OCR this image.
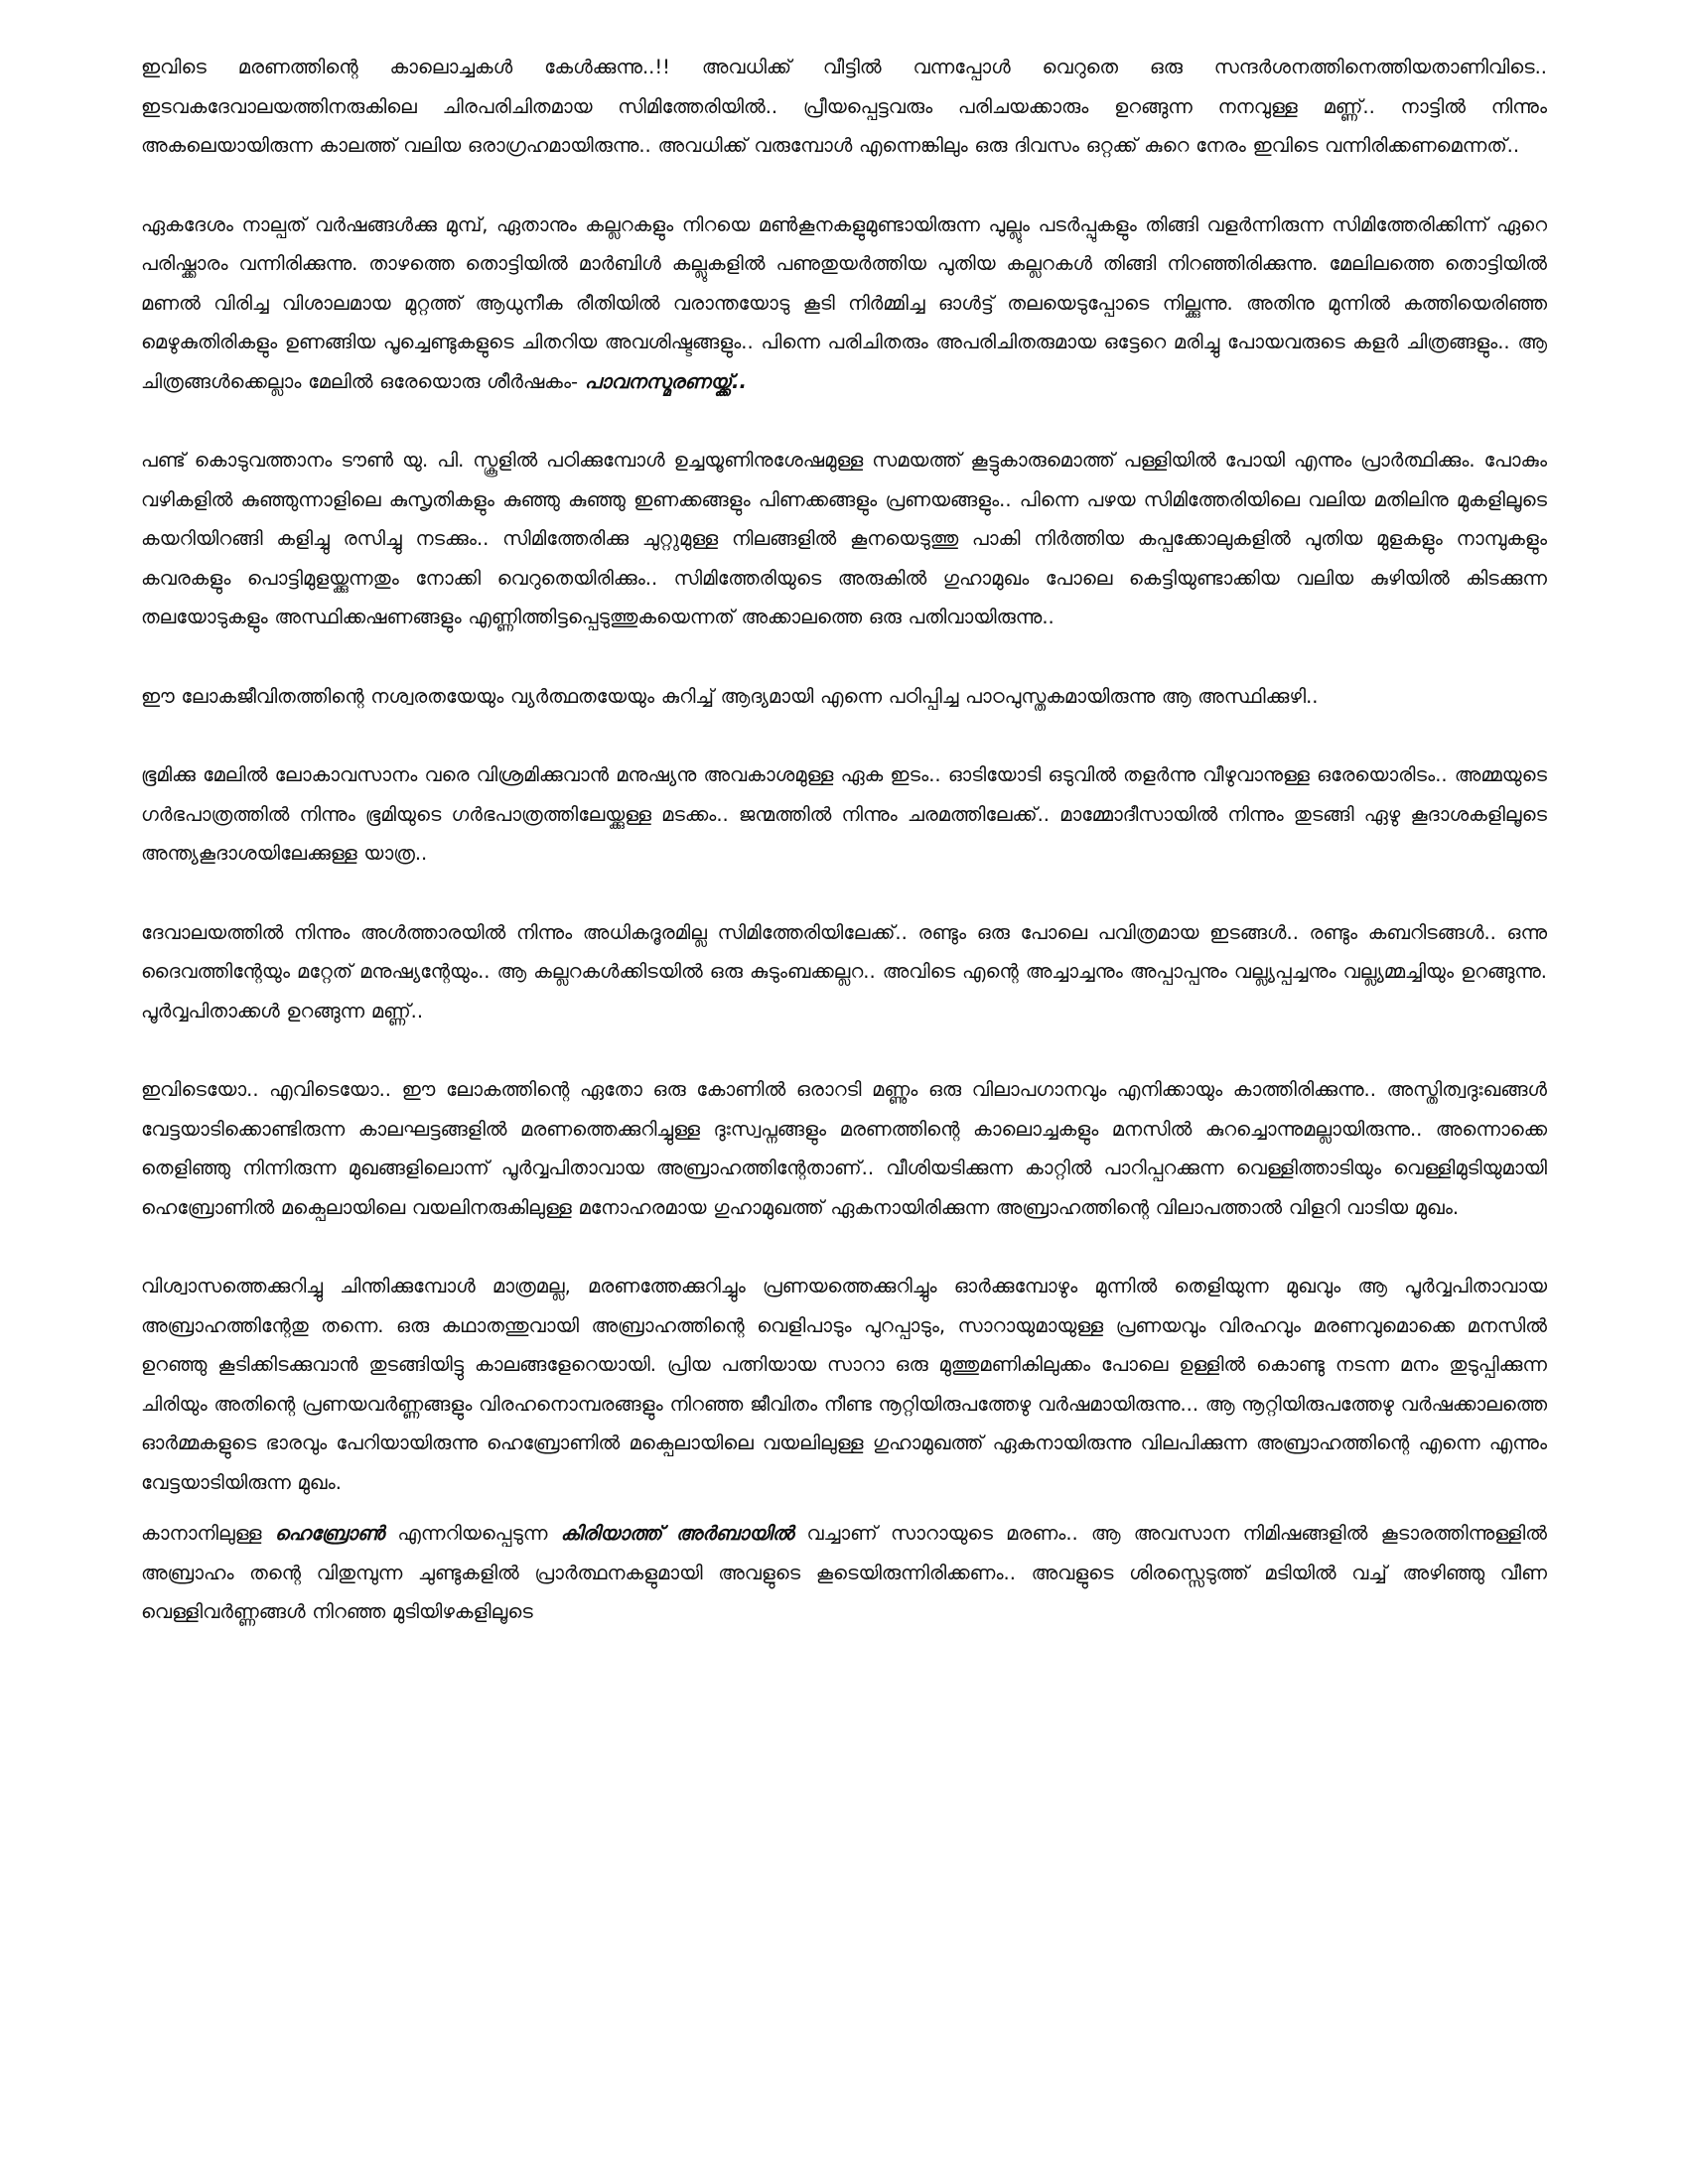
ഇവിടെ മരണത്തിന്റെ കാലൊച്ചകൾ കേൾക്കുന്നു..!! അവധിക്ക് വീട്ടിൽ വന്നപ്പോൾ വെറുതെ ഒരു സന്ദർശനത്തിനെത്തിയതാണിവിടെ.. ഇടവകദേവാലയത്തിനരുകിലെ ചിരപരിചിതമായ സിമിത്തേരിയിൽ.. പ്രീയപ്പെട്ടവരും പരിചയക്കാരും ഉറങ്ങുന്ന നനവുള്ള മണ്ണ്.. നാട്ടിൽ നിന്നും അകലെയായിരുന്ന കാലത്ത് വലിയ ഒരാഗ്രഹമായിരുന്നു.. അവധിക്ക് വരുമ്പോൾ എന്നെങ്കിലും ഒരു ദിവസം ഒറ്റക്ക് കുറെ നേരം ഇവിടെ വന്നിരിക്കണമെന്നത്..

ഏകദേശം നാല്പത് വർഷങ്ങൾക്കു മുമ്പ്, ഏതാനും കല്ലറകളും നിറയെ മൺകൂനകളുമുണ്ടായിരുന്ന പുല്ലും പടർപ്പുകളും തിങ്ങി വളർന്നിരുന്ന സിമിത്തേരിക്കിന്ന് ഏറെ പരിഷ്ക്കാരം വന്നിരിക്കുന്നു. താഴത്തെ തൊട്ടിയിൽ മാർബിൾ കല്ലുകളിൽ പണുതുയർത്തിയ പുതിയ കല്ലറകൾ തിങ്ങി നിറഞ്ഞിരിക്കുന്നു. മേലിലത്തെ തൊട്ടിയിൽ മണൽ വിരിച്ച വിശാലമായ മുറ്റത്ത് ആധുനീക രീതിയിൽ വരാന്തയോടു കൂടി നിർമ്മിച്ച ഓൾട്ട് തലയെടുപ്പോടെ നില്ക്കുന്നു. അതിനു മുന്നിൽ കത്തിയെരിഞ്ഞ മെഴുകുതിരികളും ഉണങ്ങിയ പൂച്ചെണ്ടുകളുടെ ചിതറിയ അവശിഷ്ടങ്ങളും.. പിന്നെ പരിചിതരും അപരിചിതരുമായ ഒട്ടേറെ മരിച്ചു പോയവരുടെ കളർ ചിത്രങ്ങളും.. ആ ചിത്രങ്ങൾക്കെല്ലാം മേലിൽ ഒരേയൊരു ശീർഷകം- പാവനസ്മരണയ്ക്ക്..

പണ്ട് കൊടുവത്താനം ടൗൺ യു. പി. സ്കൂളിൽ പഠിക്കുമ്പോൾ ഉച്ചയൂണിനുശേഷമുള്ള സമയത്ത് കൂട്ടുകാരുമൊത്ത് പള്ളിയിൽ പോയി എന്നും പ്രാർത്ഥിക്കും. പോകും വഴികളിൽ കുഞ്ഞുന്നാളിലെ കുസൃതികളും കുഞ്ഞു കുഞ്ഞു ഇണക്കങ്ങളും പിണക്കങ്ങളും പ്രണയങ്ങളും.. പിന്നെ പഴയ സിമിത്തേരിയിലെ വലിയ മതിലിനു മുകളിലൂടെ കയറിയിറങ്ങി കളിച്ചു രസിച്ചു നടക്കും.. സിമിത്തേരിക്കു ചുറ്റുമുള്ള നിലങ്ങളിൽ കൂനയെടുത്തു പാകി നിർത്തിയ കപ്പക്കോലുകളിൽ പുതിയ മുളകളും നാമ്പുകളും കവരകളും പൊട്ടിമുളയ്ക്കുന്നതും നോക്കി വെറുതെയിരിക്കും.. സിമിത്തേരിയുടെ അരുകിൽ ഗുഹാമുഖം പോലെ കെട്ടിയുണ്ടാക്കിയ വലിയ കുഴിയിൽ കിടക്കുന്ന തലയോടുകളും അസ്ഥിക്കഷണങ്ങളും എണ്ണിത്തിട്ടപ്പെടുത്തുകയെന്നത് അക്കാലത്തെ ഒരു പതിവായിരുന്നു..

ഈ ലോകജീവിതത്തിന്റെ നശ്വരതയേയും വ്യർത്ഥതയേയും കുറിച്ച് ആദ്യമായി എന്നെ പഠിപ്പിച്ച പാഠപുസ്തകമായിരുന്നു ആ അസ്ഥിക്കുഴി..

ഭൂമിക്കു മേലിൽ ലോകാവസാനം വരെ വിശ്രമിക്കുവാൻ മനുഷ്യനു അവകാശമുള്ള ഏക ഇടം.. ഓടിയോടി ഒടുവിൽ തളർന്നു വീഴുവാനുള്ള ഒരേയൊരിടം.. അമ്മയുടെ ഗർഭപാത്രത്തിൽ നിന്നും ഭൂമിയുടെ ഗർഭപാത്രത്തിലേയ്ക്കുള്ള മടക്കം.. ജന്മത്തിൽ നിന്നും ചരമത്തിലേക്ക്.. മാമ്മോദീസായിൽ നിന്നും തുടങ്ങി ഏഴു കൂദാശകളിലൂടെ അന്ത്യകൂദാശയിലേക്കുള്ള യാത്ര..

ദേവാലയത്തിൽ നിന്നും അൾത്താരയിൽ നിന്നും അധികദൂരമില്ല സിമിത്തേരിയിലേക്ക്.. രണ്ടും ഒരു പോലെ പവിത്രമായ ഇടങ്ങൾ.. രണ്ടും കബറിടങ്ങൾ.. ഒന്നു ദൈവത്തിന്റേയും മറ്റേത് മനുഷ്യന്റേയും.. ആ കല്ലറകൾക്കിടയിൽ ഒരു കുടുംബക്കല്ലറ.. അവിടെ എന്റെ അച്ചാച്ചനും അപ്പാപ്പനും വല്ല്യപ്പച്ചനും വല്ല്യമ്മച്ചിയും ഉറങ്ങുന്നു. പൂർവ്വപിതാക്കൾ ഉറങ്ങുന്ന മണ്ണ്..

ഇവിടെയോ.. എവിടെയോ.. ഈ ലോകത്തിന്റെ ഏതോ ഒരു കോണിൽ ഒരാറടി മണ്ണും ഒരു വിലാപഗാനവും എനിക്കായും കാത്തിരിക്കുന്നു.. അസ്തിത്വദുഃഖങ്ങൾ വേട്ടയാടിക്കൊണ്ടിരുന്ന കാലഘട്ടങ്ങളിൽ മരണത്തെക്കുറിച്ചുള്ള ദുഃസ്വപ്നങ്ങളും മരണത്തിന്റെ കാലൊച്ചകളും മനസിൽ കുറച്ചൊന്നുമല്ലായിരുന്നു.. അന്നൊക്കെ തെളിഞ്ഞു നിന്നിരുന്ന മുഖങ്ങളിലൊന്ന് പൂർവ്വപിതാവായ അബ്രാഹത്തിന്റേതാണ്.. വീശിയടിക്കുന്ന കാറ്റിൽ പാറിപ്പറക്കുന്ന വെള്ളിത്താടിയും വെള്ളിമുടിയുമായി ഹെബ്രോണിൽ മക്പെലായിലെ വയലിനരുകിലുള്ള മനോഹരമായ ഗുഹാമുഖത്ത് ഏകനായിരിക്കുന്ന അബ്രാഹത്തിന്റെ വിലാപത്താൽ വിളറി വാടിയ മുഖം.

വിശ്വാസത്തെക്കുറിച്ചു ചിന്തിക്കുമ്പോൾ മാത്രമല്ല, മരണത്തേക്കുറിച്ചും പ്രണയത്തെക്കുറിച്ചും ഓർക്കുമ്പോഴും മുന്നിൽ തെളിയുന്ന മുഖവും ആ പൂർവ്വപിതാവായ അബ്രാഹത്തിന്റേതു തന്നെ. ഒരു കഥാതന്തുവായി അബ്രാഹത്തിന്റെ വെളിപാടും പുറപ്പാടും, സാറായുമായുള്ള പ്രണയവും വിരഹവും മരണവുമൊക്കെ മനസിൽ ഉറഞ്ഞു കൂടിക്കിടക്കുവാൻ തുടങ്ങിയിട്ടു കാലങ്ങളേറെയായി. പ്രിയ പത്നിയായ സാറാ ഒരു മുത്തുമണികിലുക്കം പോലെ ഉള്ളിൽ കൊണ്ടു നടന്ന മനം തുടുപ്പിക്കുന്ന ചിരിയും അതിന്റെ പ്രണയവർണ്ണങ്ങളും വിരഹനൊമ്പരങ്ങളും നിറഞ്ഞ ജീവിതം നീണ്ട നൂറ്റിയിരുപത്തേഴു വർഷമായിരുന്നു... ആ നൂറ്റിയിരുപത്തേഴു വർഷക്കാലത്തെ ഓർമ്മകളുടെ ഭാരവും പേറിയായിരുന്നു ഹെബ്രോണിൽ മക്പെലായിലെ വയലിലുള്ള ഗുഹാമുഖത്ത് ഏകനായിരുന്നു വിലപിക്കുന്ന അബ്രാഹത്തിന്റെ എന്നെ എന്നും വേട്ടയാടിയിരുന്ന മുഖം.

കാനാനിലുള്ള ഹെബ്രോൺ എന്നറിയപ്പെടുന്ന കിരിയാത്ത് അർബായിൽ വച്ചാണ് സാറായുടെ മരണം.. ആ അവസാന നിമിഷങ്ങളിൽ കൂടാരത്തിന്നുള്ളിൽ അബ്രാഹം തന്റെ വിതുമ്പുന്ന ചുണ്ടുകളിൽ പ്രാർത്ഥനകളുമായി അവളുടെ കൂടെയിരുന്നിരിക്കണം.. അവളുടെ ശിരസ്സെടുത്ത് മടിയിൽ വച്ച് അഴിഞ്ഞു വീണ വെള്ളിവർണ്ണങ്ങൾ നിറഞ്ഞ മുടിയിഴകളിലൂടെ
